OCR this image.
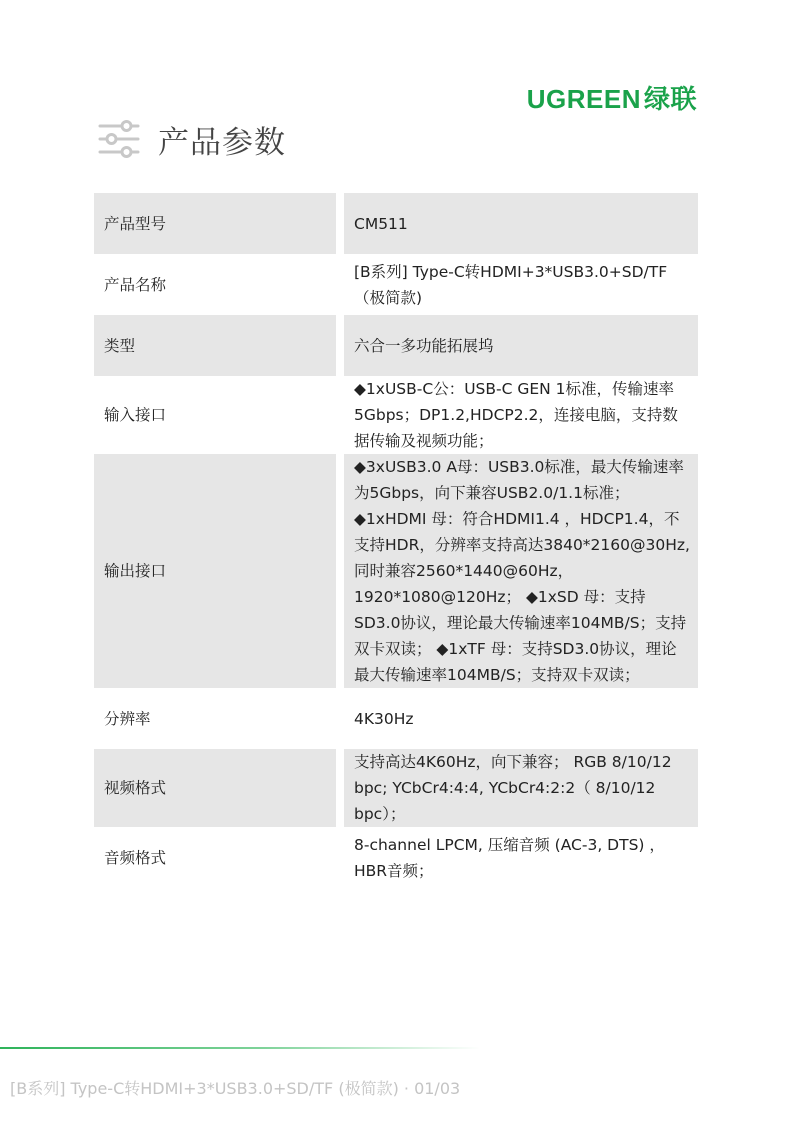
UGREEN 绿联
产品参数
产品型号	CM511
产品名称	[B系列] Type-C转HDMI+3*USB3.0+SD/TF（极简款)
类型	六合一多功能拓展坞
输入接口	◆1xUSB-C公：USB-C GEN 1标准，传输速率5Gbps；DP1.2,HDCP2.2，连接电脑，支持数据传输及视频功能；
输出接口	◆3xUSB3.0 A母：USB3.0标准，最大传输速率为5Gbps，向下兼容USB2.0/1.1标准； ◆1xHDMI 母：符合HDMI1.4 ，HDCP1.4，不支持HDR，分辨率支持高达3840*2160@30Hz,同时兼容2560*1440@60Hz，1920*1080@120Hz； ◆1xSD 母：支持SD3.0协议，理论最大传输速率104MB/S；支持双卡双读； ◆1xTF 母：支持SD3.0协议，理论最大传输速率104MB/S；支持双卡双读；
分辨率	4K30Hz
视频格式	支持高达4K60Hz，向下兼容； RGB 8/10/12 bpc; YCbCr4:4:4, YCbCr4:2:2（ 8/10/12 bpc）；
音频格式	8-channel LPCM, 压缩音频 (AC-3, DTS) ，HBR音频；
[B系列] Type-C转HDMI+3*USB3.0+SD/TF (极简款) · 01/03
